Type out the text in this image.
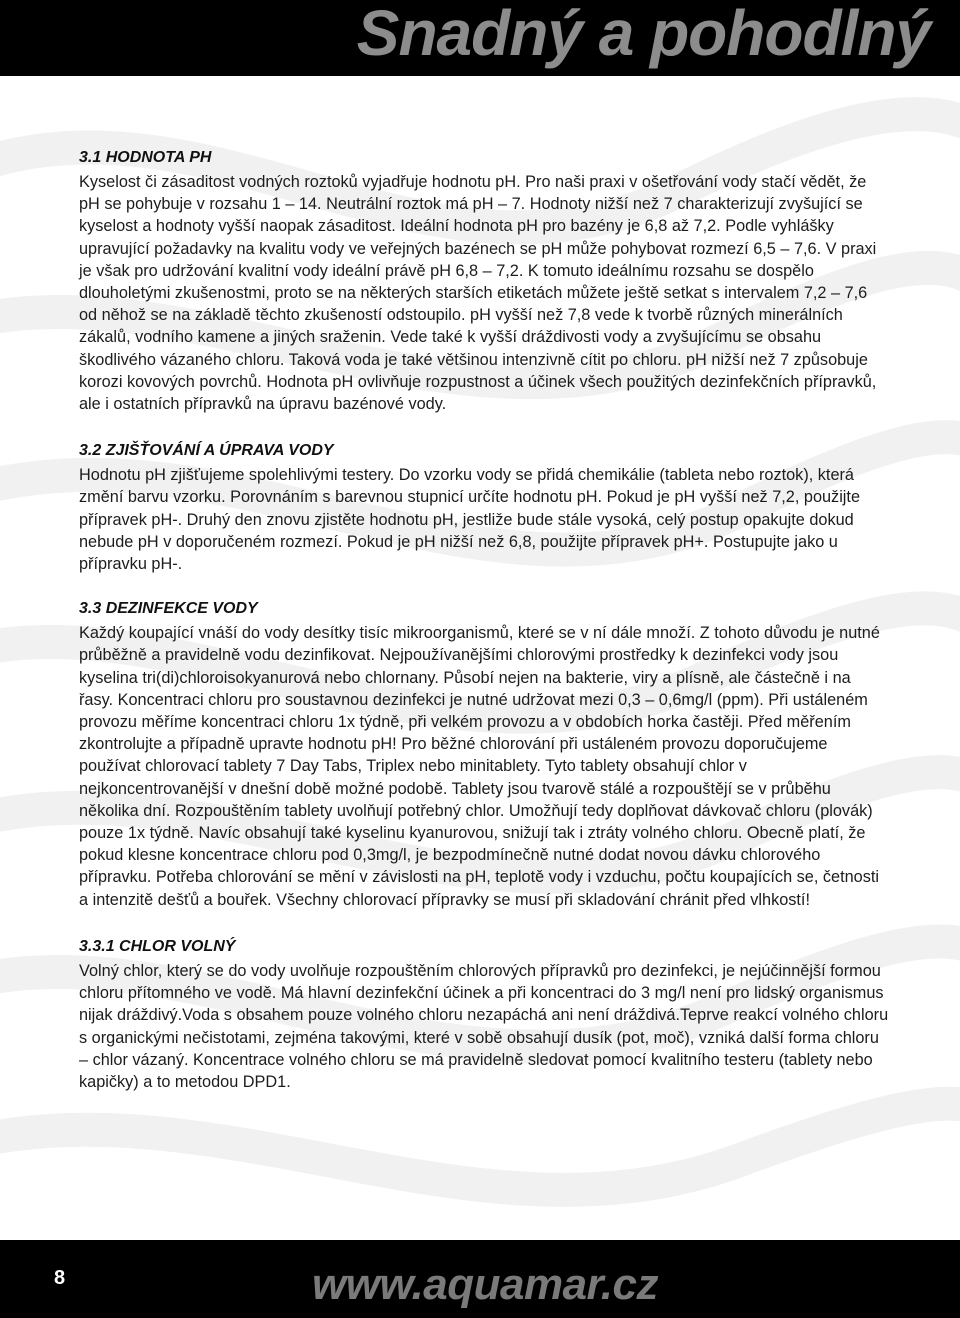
Snadný a pohodlný
3.1 HODNOTA PH

Kyselost či zásaditost vodných roztoků vyjadřuje hodnotu pH. Pro naši praxi v ošetřování vody stačí vědět, že pH se pohybuje v rozsahu 1 – 14. Neutrální roztok má pH – 7. Hodnoty nižší než 7 charakterizují zvyšující se kyselost a hodnoty vyšší naopak zásaditost. Ideální hodnota pH pro bazény je 6,8 až 7,2. Podle vyhlášky upravující požadavky na kvalitu vody ve veřejných bazénech se pH může pohybovat rozmezí 6,5 – 7,6. V praxi je však pro udržování kvalitní vody ideální právě pH 6,8 – 7,2. K tomuto ideálnímu rozsahu se dospělo dlouholetými zkušenostmi, proto se na některých starších etiketách můžete ještě setkat s intervalem 7,2 – 7,6 od něhož se na základě těchto zkušeností odstoupilo. pH vyšší než 7,8 vede k tvorbě různých minerálních zákalů, vodního kamene a jiných sraženin. Vede také k vyšší dráždivosti vody a zvyšujícímu se obsahu škodlivého vázaného chloru. Taková voda je také většinou intenzivně cítit po chloru. pH nižší než 7 způsobuje korozi kovových povrchů. Hodnota pH ovlivňuje rozpustnost a účinek všech použitých dezinfekčních přípravků, ale i ostatních přípravků na úpravu bazénové vody.

3.2 ZJIŠŤOVÁNÍ A ÚPRAVA VODY

Hodnotu pH zjišťujeme spolehlivými testery. Do vzorku vody se přidá chemikálie (tableta nebo roztok), která změní barvu vzorku. Porovnáním s barevnou stupnicí určíte hodnotu pH. Pokud je pH vyšší než 7,2, použijte přípravek pH-. Druhý den znovu zjistěte hodnotu pH, jestliže bude stále vysoká, celý postup opakujte dokud nebude pH v doporučeném rozmezí. Pokud je pH nižší než 6,8, použijte přípravek pH+. Postupujte jako u přípravku pH-.

3.3 DEZINFEKCE VODY

Každý koupající vnáší do vody desítky tisíc mikroorganismů, které se v ní dále množí. Z tohoto důvodu je nutné průběžně a pravidelně vodu dezinfikovat. Nejpoužívanějšími chlorovými prostředky k dezinfekci vody jsou kyselina tri(di)chloroisokyanurová nebo chlornany. Působí nejen na bakterie, viry a plísně, ale částečně i na řasy. Koncentraci chloru pro soustavnou dezinfekci je nutné udržovat mezi 0,3 – 0,6mg/l (ppm). Při ustáleném provozu měříme koncentraci chloru 1x týdně, při velkém provozu a v obdobích horka častěji. Před měřením zkontrolujte a případně upravte hodnotu pH! Pro běžné chlorování při ustáleném provozu doporučujeme používat chlorovací tablety 7 Day Tabs, Triplex nebo minitablety. Tyto tablety obsahují chlor v nejkoncentrovanější v dnešní době možné podobě. Tablety jsou tvarově stálé a rozpouštějí se v průběhu několika dní. Rozpouštěním tablety uvolňují potřebný chlor. Umožňují tedy doplňovat dávkovač chloru (plovák) pouze 1x týdně. Navíc obsahují také kyselinu kyanurovou, snižují tak i ztráty volného chloru. Obecně platí, že pokud klesne koncentrace chloru pod 0,3mg/l, je bezpodmínečně nutné dodat novou dávku chlorového přípravku. Potřeba chlorování se mění v závislosti na pH, teplotě vody i vzduchu, počtu koupajících se, četnosti a intenzitě dešťů a bouřek. Všechny chlorovací přípravky se musí při skladování chránit před vlhkostí!

3.3.1 CHLOR VOLNÝ

Volný chlor, který se do vody uvolňuje rozpouštěním chlorových přípravků pro dezinfekci, je nejúčinnější formou chloru přítomného ve vodě. Má hlavní dezinfekční účinek a při koncentraci do 3 mg/l není pro lidský organismus nijak dráždivý.Voda s obsahem pouze volného chloru nezapáchá ani není dráždivá.Teprve reakcí volného chloru s organickými nečistotami, zejména takovými, které v sobě obsahují dusík (pot, moč), vzniká další forma chloru – chlor vázaný. Koncentrace volného chloru se má pravidelně sledovat pomocí kvalitního testeru (tablety nebo kapičky) a to metodou DPD1.

8	www.aquamar.cz
